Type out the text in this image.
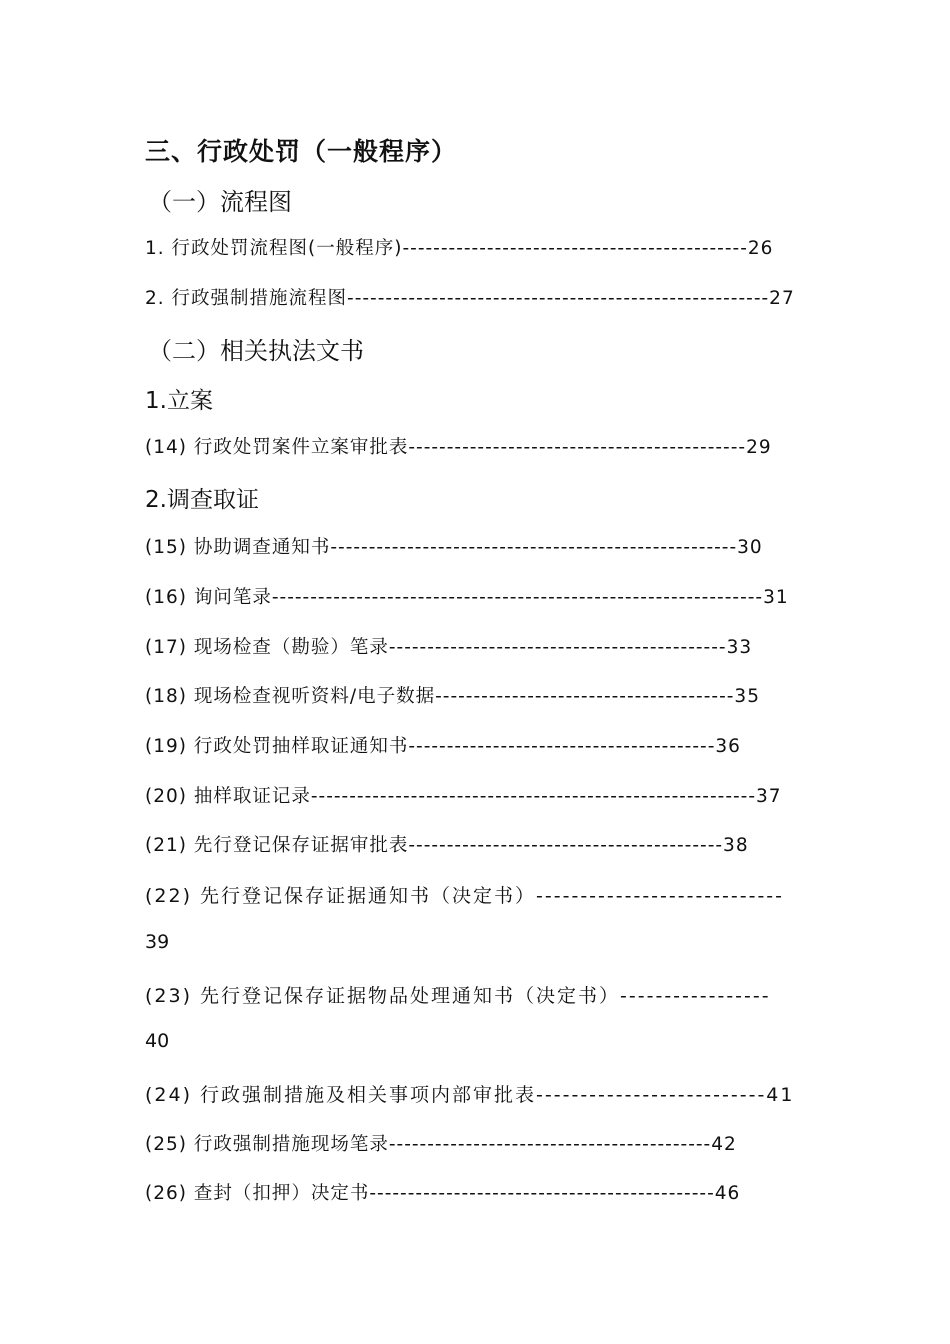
三、行政处罚（一般程序）
（一）流程图
1. 行政处罚流程图(一般程序)---------------------------------------------26
2. 行政强制措施流程图-------------------------------------------------------27
（二）相关执法文书
1.立案
(14) 行政处罚案件立案审批表--------------------------------------------29
2.调查取证
(15) 协助调查通知书-----------------------------------------------------30
(16) 询问笔录----------------------------------------------------------------31
(17) 现场检查（勘验）笔录--------------------------------------------33
(18) 现场检查视听资料/电子数据---------------------------------------35
(19) 行政处罚抽样取证通知书----------------------------------------36
(20) 抽样取证记录----------------------------------------------------------37
(21) 先行登记保存证据审批表-----------------------------------------38
(22) 先行登记保存证据通知书（决定书）----------------------------
39
(23) 先行登记保存证据物品处理通知书（决定书）-----------------
40
(24) 行政强制措施及相关事项内部审批表--------------------------41
(25) 行政强制措施现场笔录------------------------------------------42
(26) 查封（扣押）决定书---------------------------------------------46
